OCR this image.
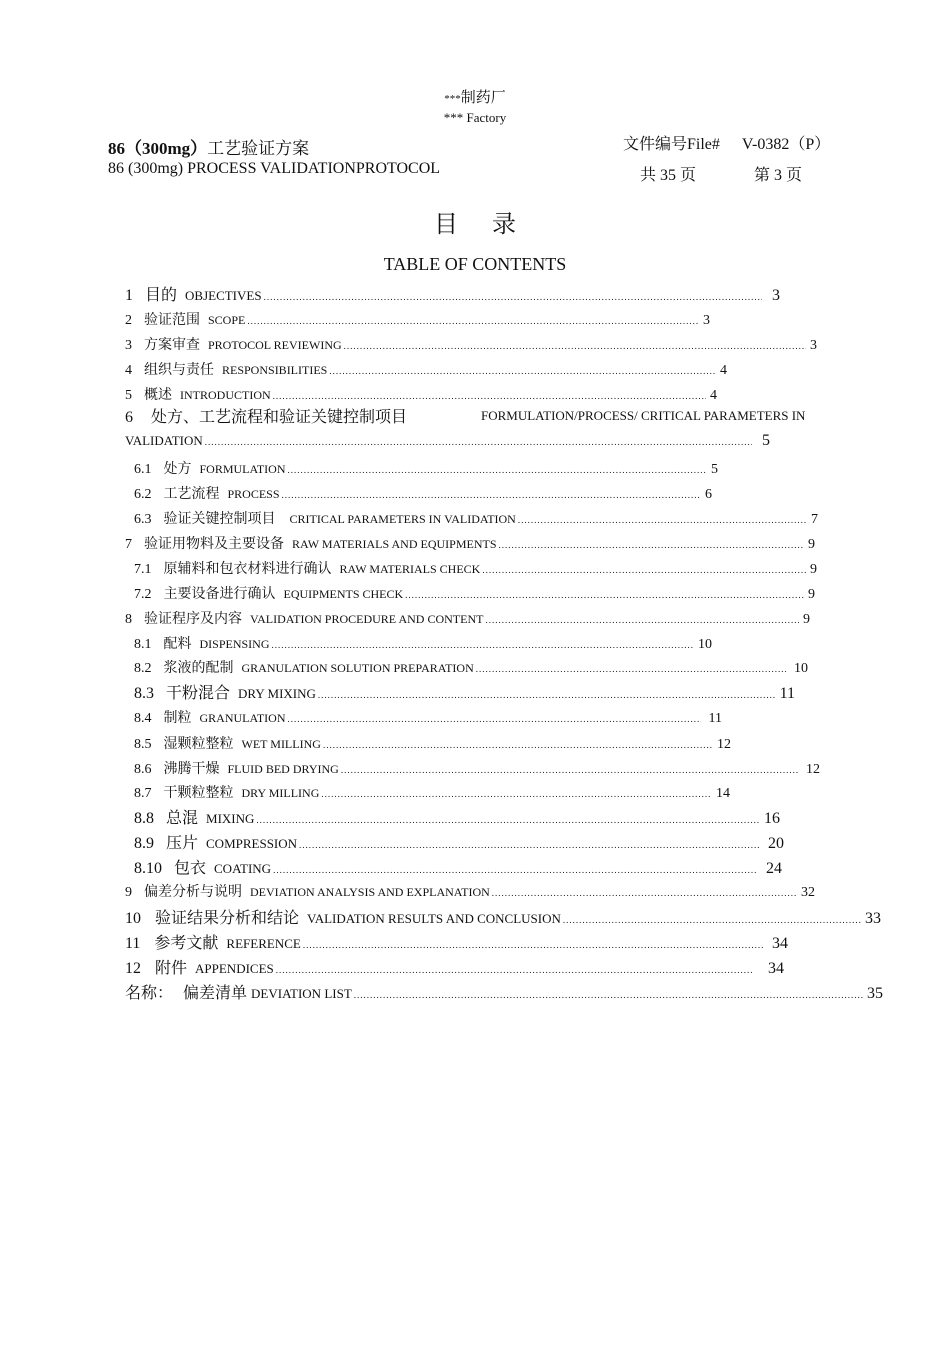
***制药厂
*** Factory
86（300mg）工艺验证方案
86 (300mg) PROCESS VALIDATIONPROTOCOL
文件编号File# V-0382（P）
共 35 页	第 3 页
目录
TABLE OF CONTENTS
1 目的 OBJECTIVES .....	3
2 验证范围 SCOPE .....	3
3 方案审查 PROTOCOL REVIEWING .....	3
4 组织与责任 RESPONSIBILITIES .....	4
5 概述 INTRODUCTION .....	4
6 处方、工艺流程和验证关键控制项目	FORMULATION/PROCESS/ CRITICAL PARAMETERS IN
VALIDATION .....	5
6.1 处方 FORMULATION .....	5
6.2 工艺流程 PROCESS .....	6
6.3 验证关键控制项目 CRITICAL PARAMETERS IN VALIDATION .....	7
7 验证用物料及主要设备 RAW MATERIALS AND EQUIPMENTS .....	9
7.1 原辅料和包衣材料进行确认 RAW MATERIALS CHECK .....	9
7.2 主要设备进行确认 EQUIPMENTS CHECK .....	9
8 验证程序及内容 VALIDATION PROCEDURE AND CONTENT .....	9
8.1 配料 DISPENSING .....	10
8.2 浆液的配制 GRANULATION SOLUTION PREPARATION .....	10
8.3 干粉混合 DRY MIXING .....	11
8.4 制粒 GRANULATION .....	11
8.5 湿颗粒整粒 WET MILLING .....	12
8.6 沸腾干燥 FLUID BED DRYING .....	12
8.7 干颗粒整粒 DRY MILLING .....	14
8.8 总混 MIXING .....	16
8.9 压片 COMPRESSION .....	20
8.10 包衣 COATING .....	24
9 偏差分析与说明 DEVIATION ANALYSIS AND EXPLANATION .....	32
10 验证结果分析和结论 VALIDATION RESULTS AND CONCLUSION .....	33
11 参考文献 REFERENCE .....	34
12 附件 APPENDICES .....	34
名称： 偏差清单 DEVIATION LIST .....	35
